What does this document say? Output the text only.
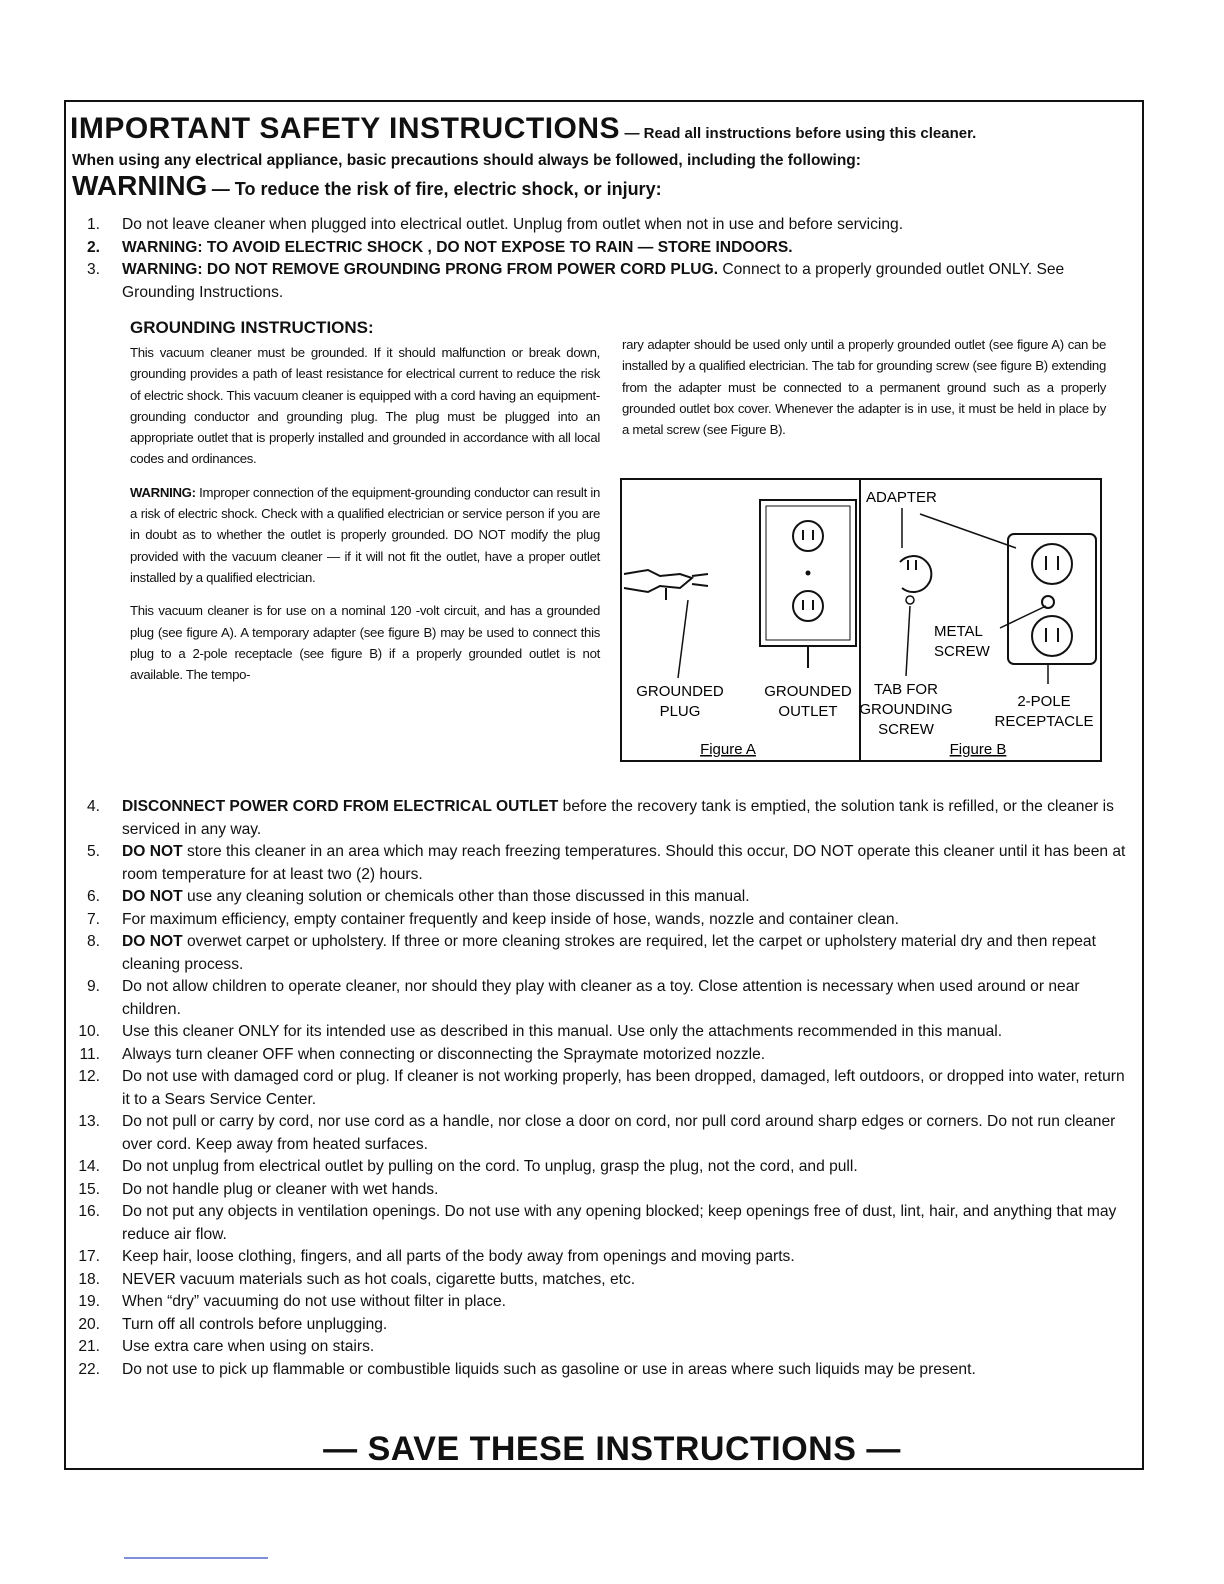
IMPORTANT SAFETY INSTRUCTIONS — Read all instructions before using this cleaner.
When using any electrical appliance, basic precautions should always be followed, including the following:
WARNING — To reduce the risk of fire, electric shock, or injury:
1. Do not leave cleaner when plugged into electrical outlet. Unplug from outlet when not in use and before servicing.
2. WARNING: TO AVOID ELECTRIC SHOCK , DO NOT EXPOSE TO RAIN — STORE INDOORS.
3. WARNING: DO NOT REMOVE GROUNDING PRONG FROM POWER CORD PLUG. Connect to a properly grounded outlet ONLY. See Grounding Instructions.
GROUNDING INSTRUCTIONS:

This vacuum cleaner must be grounded. If it should malfunction or break down, grounding provides a path of least resistance for electrical current to reduce the risk of electric shock. This vacuum cleaner is equipped with a cord having an equipment-grounding conductor and grounding plug. The plug must be plugged into an appropriate outlet that is properly installed and grounded in accordance with all local codes and ordinances.

WARNING: Improper connection of the equipment-grounding conductor can result in a risk of electric shock. Check with a qualified electrician or service person if you are in doubt as to whether the outlet is properly grounded. DO NOT modify the plug provided with the vacuum cleaner — if it will not fit the outlet, have a proper outlet installed by a qualified electrician.

This vacuum cleaner is for use on a nominal 120 -volt circuit, and has a grounded plug (see figure A). A temporary adapter (see figure B) may be used to connect this plug to a 2-pole receptacle (see figure B) if a properly grounded outlet is not available. The tempo-

rary adapter should be used only until a properly grounded outlet (see figure A) can be installed by a qualified electrician. The tab for grounding screw (see figure B) extending from the adapter must be connected to a permanent ground such as a properly grounded outlet box cover. Whenever the adapter is in use, it must be held in place by a metal screw (see Figure B).

GROUNDED
PLUG
GROUNDED
OUTLET
Figure A
ADAPTER
METAL
SCREW
TAB FOR
GROUNDING
SCREW
2-POLE
RECEPTACLE
Figure B
4. DISCONNECT POWER CORD FROM ELECTRICAL OUTLET before the recovery tank is emptied, the solution tank is refilled, or the cleaner is serviced in any way.
5. DO NOT store this cleaner in an area which may reach freezing temperatures. Should this occur, DO NOT operate this cleaner until it has been at room temperature for at least two (2) hours.
6. DO NOT use any cleaning solution or chemicals other than those discussed in this manual.
7. For maximum efficiency, empty container frequently and keep inside of hose, wands, nozzle and container clean.
8. DO NOT overwet carpet or upholstery. If three or more cleaning strokes are required, let the carpet or upholstery material dry and then repeat cleaning process.
9. Do not allow children to operate cleaner, nor should they play with cleaner as a toy. Close attention is necessary when used around or near children.
10. Use this cleaner ONLY for its intended use as described in this manual. Use only the attachments recommended in this manual.
11. Always turn cleaner OFF when connecting or disconnecting the Spraymate motorized nozzle.
12. Do not use with damaged cord or plug. If cleaner is not working properly, has been dropped, damaged, left outdoors, or dropped into water, return it to a Sears Service Center.
13. Do not pull or carry by cord, nor use cord as a handle, nor close a door on cord, nor pull cord around sharp edges or corners. Do not run cleaner over cord. Keep away from heated surfaces.
14. Do not unplug from electrical outlet by pulling on the cord. To unplug, grasp the plug, not the cord, and pull.
15. Do not handle plug or cleaner with wet hands.
16. Do not put any objects in ventilation openings. Do not use with any opening blocked; keep openings free of dust, lint, hair, and anything that may reduce air flow.
17. Keep hair, loose clothing, fingers, and all parts of the body away from openings and moving parts.
18. NEVER vacuum materials such as hot coals, cigarette butts, matches, etc.
19. When “dry” vacuuming do not use without filter in place.
20. Turn off all controls before unplugging.
21. Use extra care when using on stairs.
22. Do not use to pick up flammable or combustible liquids such as gasoline or use in areas where such liquids may be present.
— SAVE THESE INSTRUCTIONS —
